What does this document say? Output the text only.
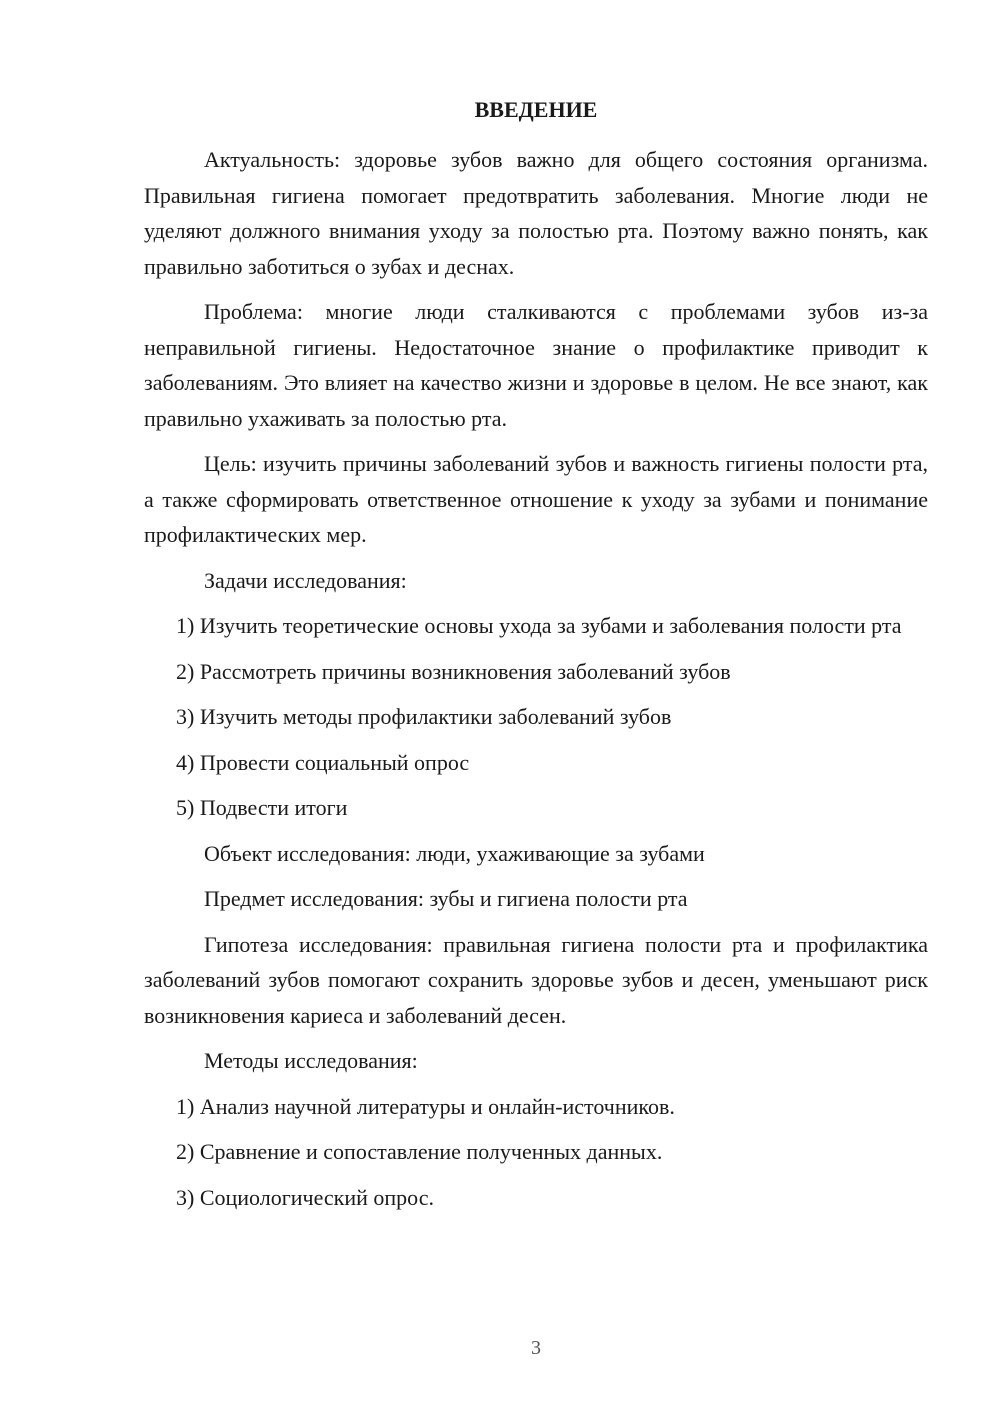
ВВЕДЕНИЕ

Актуальность: здоровье зубов важно для общего состояния организма. Правильная гигиена помогает предотвратить заболевания. Многие люди не уделяют должного внимания уходу за полостью рта. Поэтому важно понять, как правильно заботиться о зубах и деснах.

Проблема: многие люди сталкиваются с проблемами зубов из-за неправильной гигиены. Недостаточное знание о профилактике приводит к заболеваниям. Это влияет на качество жизни и здоровье в целом. Не все знают, как правильно ухаживать за полостью рта.

Цель: изучить причины заболеваний зубов и важность гигиены полости рта, а также сформировать ответственное отношение к уходу за зубами и понимание профилактических мер.

Задачи исследования:

1) Изучить теоретические основы ухода за зубами и заболевания полости рта

2) Рассмотреть причины возникновения заболеваний зубов

3) Изучить методы профилактики заболеваний зубов

4) Провести социальный опрос

5) Подвести итоги

Объект исследования: люди, ухаживающие за зубами

Предмет исследования: зубы и гигиена полости рта

Гипотеза исследования: правильная гигиена полости рта и профилактика заболеваний зубов помогают сохранить здоровье зубов и десен, уменьшают риск возникновения кариеса и заболеваний десен.

Методы исследования:

1) Анализ научной литературы и онлайн-источников.

2) Сравнение и сопоставление полученных данных.

3) Социологический опрос.

3
